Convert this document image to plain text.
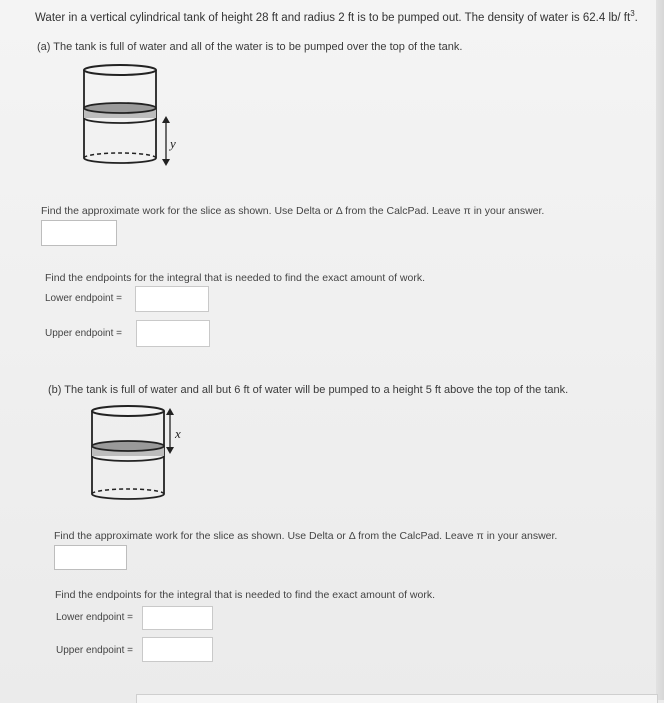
Water in a vertical cylindrical tank of height 28 ft and radius 2 ft is to be pumped out. The density of water is 62.4 lb/ $ft^3$.
(a) The tank is full of water and all of the water is to be pumped over the top of the tank.
y
Find the approximate work for the slice as shown. Use Delta or Δ from the CalcPad. Leave π in your answer.
Find the endpoints for the integral that is needed to find the exact amount of work.
Lower endpoint =
Upper endpoint =
(b) The tank is full of water and all but 6 ft of water will be pumped to a height 5 ft above the top of the tank.
x
Find the approximate work for the slice as shown. Use Delta or Δ from the CalcPad. Leave π in your answer.
Find the endpoints for the integral that is needed to find the exact amount of work.
Lower endpoint =
Upper endpoint =
